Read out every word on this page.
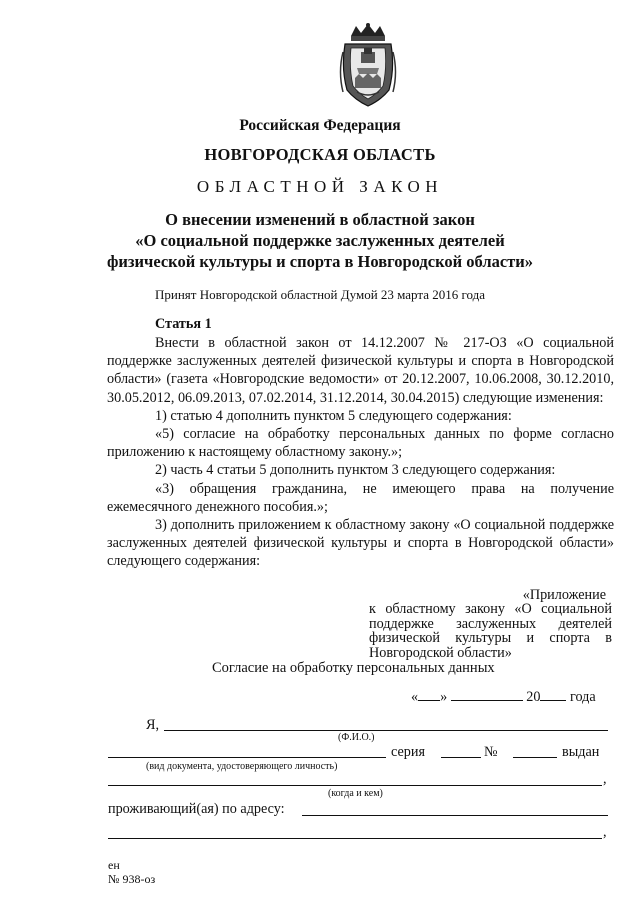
Российская Федерация
НОВГОРОДСКАЯ ОБЛАСТЬ
ОБЛАСТНОЙ ЗАКОН
О внесении изменений в областной закон
«О социальной поддержке заслуженных деятелей
физической культуры и спорта в Новгородской области»
Принят Новгородской областной Думой 23 марта 2016 года
Статья 1

Внести в областной закон от 14.12.2007 № 217-ОЗ «О социальной поддержке заслуженных деятелей физической культуры и спорта в Новгородской области» (газета «Новгородские ведомости» от 20.12.2007, 10.06.2008, 30.12.2010, 30.05.2012, 06.09.2013, 07.02.2014, 31.12.2014, 30.04.2015) следующие изменения:

1) статью 4 дополнить пунктом 5 следующего содержания:

«5) согласие на обработку персональных данных по форме согласно приложению к настоящему областному закону.»;

2) часть 4 статьи 5 дополнить пунктом 3 следующего содержания:

«3) обращения гражданина, не имеющего права на получение ежемесячного денежного пособия.»;

3) дополнить приложением к областному закону «О социальной поддержке заслуженных деятелей физической культуры и спорта в Новгородской области» следующего содержания:

«Приложение
к областному закону «О социальной поддержке заслуженных деятелей физической культуры и спорта в Новгородской области»
Согласие на обработку персональных данных
« »	20 года
Я,
(Ф.И.О.)
серия	№	выдан
(вид документа, удостоверяющего личность)
,
(когда и кем)
проживающий(ая) по адресу:
,
ен
№ 938-оз
